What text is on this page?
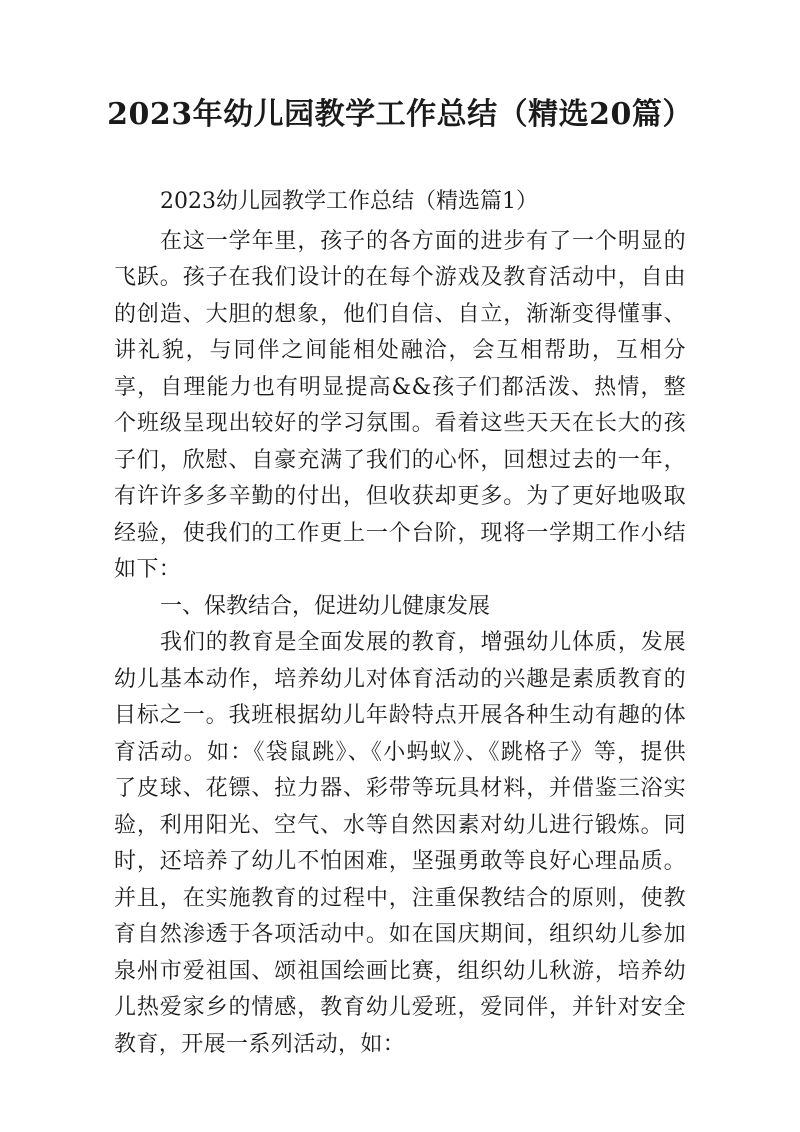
2023年幼儿园教学工作总结（精选20篇）
2023幼儿园教学工作总结（精选篇1）
在这一学年里，孩子的各方面的进步有了一个明显的飞跃。孩子在我们设计的在每个游戏及教育活动中，自由的创造、大胆的想象，他们自信、自立，渐渐变得懂事、讲礼貌，与同伴之间能相处融洽，会互相帮助，互相分享，自理能力也有明显提高&&孩子们都活泼、热情，整个班级呈现出较好的学习氛围。看着这些天天在长大的孩子们，欣慰、自豪充满了我们的心怀，回想过去的一年，有许许多多辛勤的付出，但收获却更多。为了更好地吸取经验，使我们的工作更上一个台阶，现将一学期工作小结如下：
一、保教结合，促进幼儿健康发展
我们的教育是全面发展的教育，增强幼儿体质，发展幼儿基本动作，培养幼儿对体育活动的兴趣是素质教育的目标之一。我班根据幼儿年龄特点开展各种生动有趣的体育活动。如：《袋鼠跳》、《小蚂蚁》、《跳格子》等，提供了皮球、花镖、拉力器、彩带等玩具材料，并借鉴三浴实验，利用阳光、空气、水等自然因素对幼儿进行锻炼。同时，还培养了幼儿不怕困难，坚强勇敢等良好心理品质。并且，在实施教育的过程中，注重保教结合的原则，使教育自然渗透于各项活动中。如在国庆期间，组织幼儿参加泉州市爱祖国、颂祖国绘画比赛，组织幼儿秋游，培养幼儿热爱家乡的情感，教育幼儿爱班，爱同伴，并针对安全教育，开展一系列活动，如：
